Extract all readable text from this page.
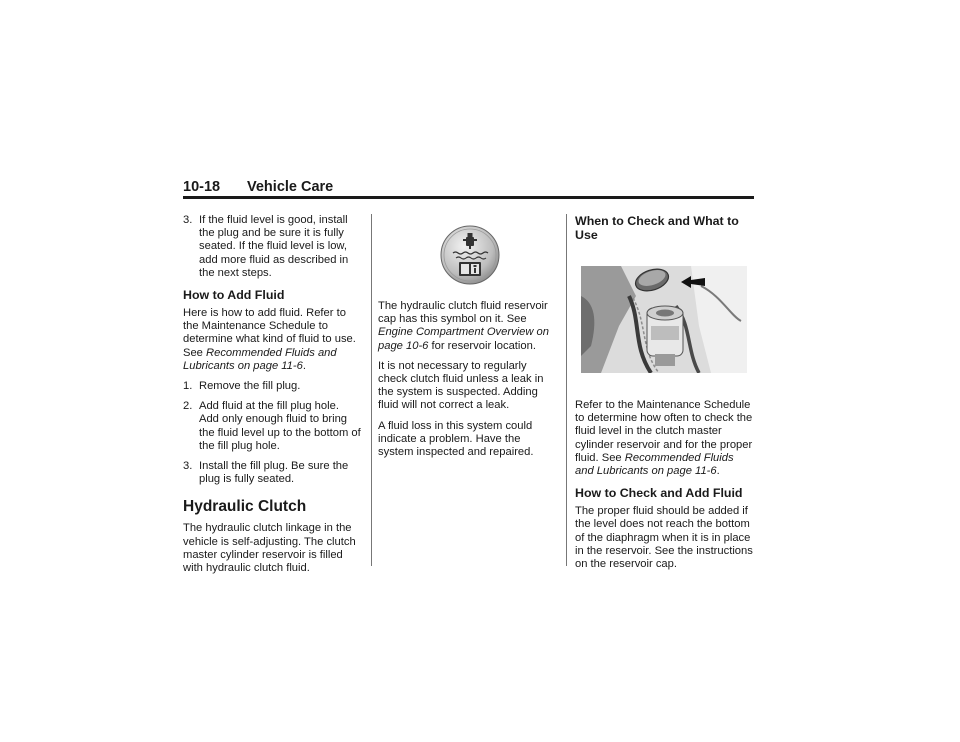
10-18 Vehicle Care
3. If the fluid level is good, install the plug and be sure it is fully seated. If the fluid level is low, add more fluid as described in the next steps.
How to Add Fluid

Here is how to add fluid. Refer to the Maintenance Schedule to determine what kind of fluid to use. See Recommended Fluids and Lubricants on page 11-6.

1. Remove the fill plug.
2. Add fluid at the fill plug hole. Add only enough fluid to bring the fluid level up to the bottom of the fill plug hole.
3. Install the fill plug. Be sure the plug is fully seated.
Hydraulic Clutch

The hydraulic clutch linkage in the vehicle is self-adjusting. The clutch master cylinder reservoir is filled with hydraulic clutch fluid.

The hydraulic clutch fluid reservoir cap has this symbol on it. See Engine Compartment Overview on page 10-6 for reservoir location.

It is not necessary to regularly check clutch fluid unless a leak in the system is suspected. Adding fluid will not correct a leak.

A fluid loss in this system could indicate a problem. Have the system inspected and repaired.

When to Check and What to Use

Refer to the Maintenance Schedule to determine how often to check the fluid level in the clutch master cylinder reservoir and for the proper fluid. See Recommended Fluids and Lubricants on page 11-6.

How to Check and Add Fluid

The proper fluid should be added if the level does not reach the bottom of the diaphragm when it is in place in the reservoir. See the instructions on the reservoir cap.
